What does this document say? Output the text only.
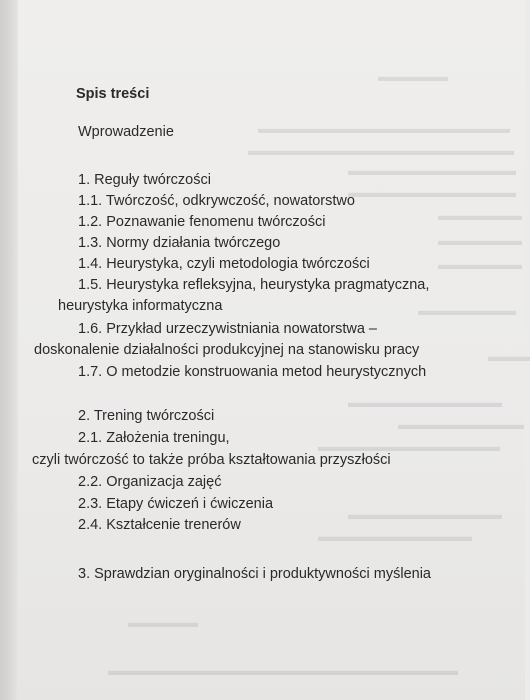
▬▬▬▬▬
▬▬▬▬▬▬▬▬▬▬▬▬▬▬▬▬▬▬
▬▬▬▬▬▬▬▬▬▬▬▬▬▬▬▬▬▬▬
▬▬▬▬▬▬▬▬▬▬▬▬
▬▬▬▬▬▬▬▬▬▬▬▬
▬▬▬▬▬▬
▬▬▬▬▬▬
▬▬▬▬▬▬
▬▬▬▬▬▬▬
▬▬▬
▬▬▬▬▬▬▬▬▬▬▬
▬▬▬▬▬▬▬▬▬
▬▬▬▬▬▬▬▬▬▬▬▬▬
▬▬▬▬▬▬▬▬▬▬▬
▬▬▬▬▬▬▬▬▬▬▬
▬▬▬▬▬
▬▬▬▬▬▬▬▬▬▬▬▬▬▬▬▬▬▬▬▬▬▬▬▬▬
Spis treści
Wprowadzenie
1. Reguły twórczości
1.1. Twórczość, odkrywczość, nowatorstwo
1.2. Poznawanie fenomenu twórczości
1.3. Normy działania twórczego
1.4. Heurystyka, czyli metodologia twórczości
1.5. Heurystyka refleksyjna, heurystyka pragmatyczna,
heurystyka informatyczna
1.6. Przykład urzeczywistniania nowatorstwa –
doskonalenie działalności produkcyjnej na stanowisku pracy
1.7. O metodzie konstruowania metod heurystycznych
2. Trening twórczości
2.1. Założenia treningu,
czyli twórczość to także próba kształtowania przyszłości
2.2. Organizacja zajęć
2.3. Etapy ćwiczeń i ćwiczenia
2.4. Kształcenie trenerów
3. Sprawdzian oryginalności i produktywności myślenia
